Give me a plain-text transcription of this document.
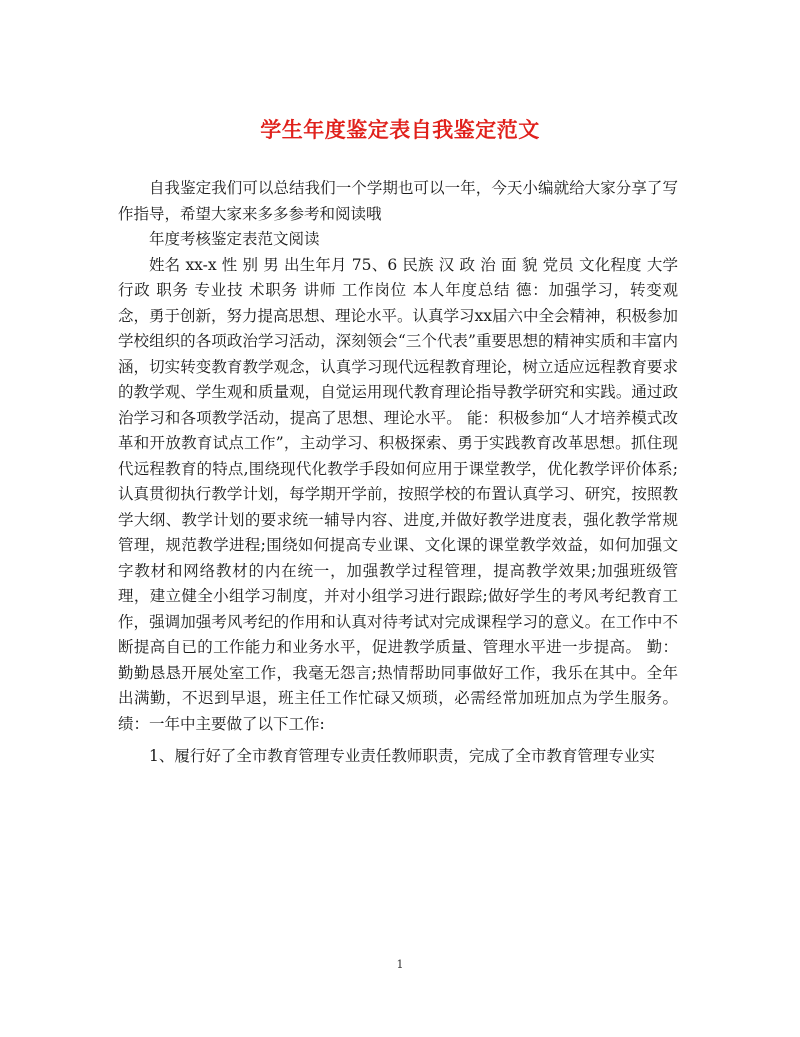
学生年度鉴定表自我鉴定范文

自我鉴定我们可以总结我们一个学期也可以一年，今天小编就给大家分享了写作指导，希望大家来多多参考和阅读哦

年度考核鉴定表范文阅读

姓名 xx-x 性 别 男 出生年月 75、6 民族 汉 政 治 面 貌 党员 文化程度 大学 行政 职务 专业技 术职务 讲师 工作岗位 本人年度总结 德：加强学习，转变观念，勇于创新，努力提高思想、理论水平。认真学习xx届六中全会精神，积极参加学校组织的各项政治学习活动，深刻领会“三个代表”重要思想的精神实质和丰富内涵，切实转变教育教学观念，认真学习现代远程教育理论，树立适应远程教育要求的教学观、学生观和质量观，自觉运用现代教育理论指导教学研究和实践。通过政治学习和各项教学活动，提高了思想、理论水平。 能：积极参加“人才培养模式改革和开放教育试点工作”，主动学习、积极探索、勇于实践教育改革思想。抓住现代远程教育的特点,围绕现代化教学手段如何应用于课堂教学，优化教学评价体系;认真贯彻执行教学计划，每学期开学前，按照学校的布置认真学习、研究，按照教学大纲、教学计划的要求统一辅导内容、进度,并做好教学进度表，强化教学常规管理，规范教学进程;围绕如何提高专业课、文化课的课堂教学效益，如何加强文字教材和网络教材的内在统一，加强教学过程管理，提高教学效果;加强班级管理，建立健全小组学习制度，并对小组学习进行跟踪;做好学生的考风考纪教育工作，强调加强考风考纪的作用和认真对待考试对完成课程学习的意义。在工作中不断提高自已的工作能力和业务水平，促进教学质量、管理水平进一步提高。 勤：勤勤恳恳开展处室工作，我毫无怨言;热情帮助同事做好工作，我乐在其中。全年出满勤，不迟到早退，班主任工作忙碌又烦琐，必需经常加班加点为学生服务。 绩：一年中主要做了以下工作:

1、履行好了全市教育管理专业责任教师职责，完成了全市教育管理专业实

1
